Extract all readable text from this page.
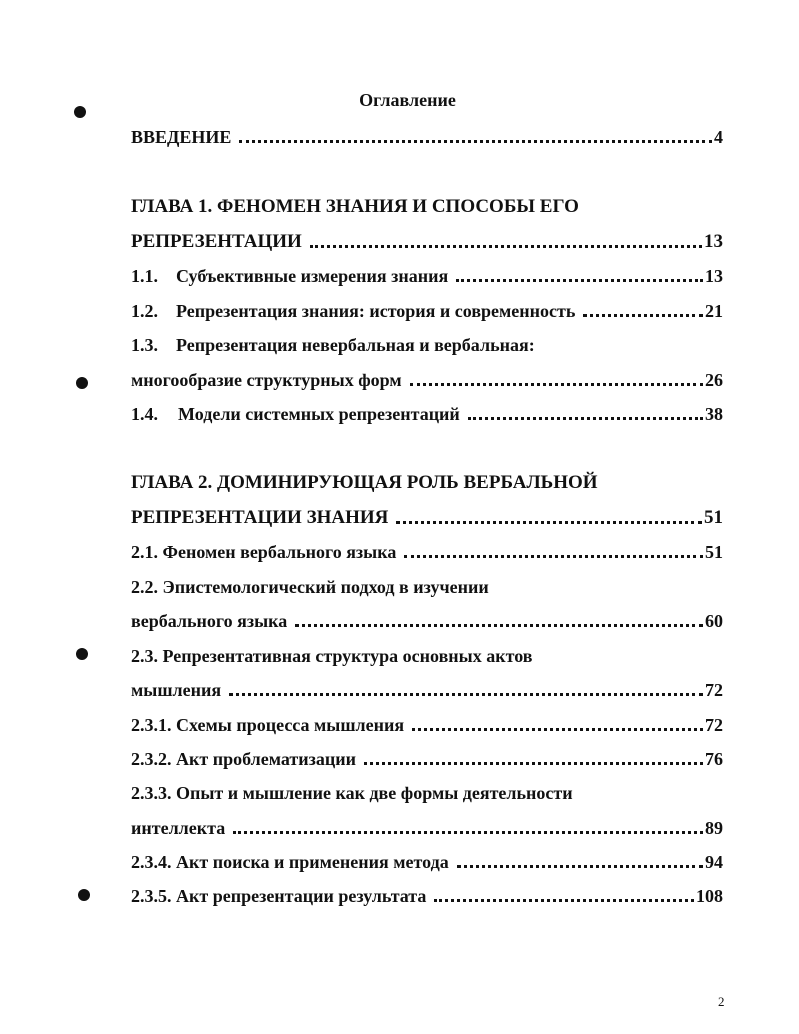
Оглавление
ВВЕДЕНИЕ	4
ГЛАВА 1. ФЕНОМЕН ЗНАНИЯ И СПОСОБЫ ЕГО
РЕПРЕЗЕНТАЦИИ	13
1.1.	Субъективные измерения знания	13
1.2.	Репрезентация знания: история и современность	21
1.3.	Репрезентация невербальная и вербальная:
многообразие структурных форм	26
1.4.	Модели системных репрезентаций	38
ГЛАВА 2. ДОМИНИРУЮЩАЯ РОЛЬ ВЕРБАЛЬНОЙ
РЕПРЕЗЕНТАЦИИ ЗНАНИЯ	51
2.1. Феномен вербального языка	51
2.2. Эпистемологический подход в изучении
вербального языка	60
2.3. Репрезентативная структура основных актов
мышления	72
2.3.1. Схемы процесса мышления	72
2.3.2. Акт проблематизации	76
2.3.3. Опыт и мышление как две формы деятельности
интеллекта	89
2.3.4. Акт поиска и применения метода	94
2.3.5. Акт репрезентации результата	108
2
